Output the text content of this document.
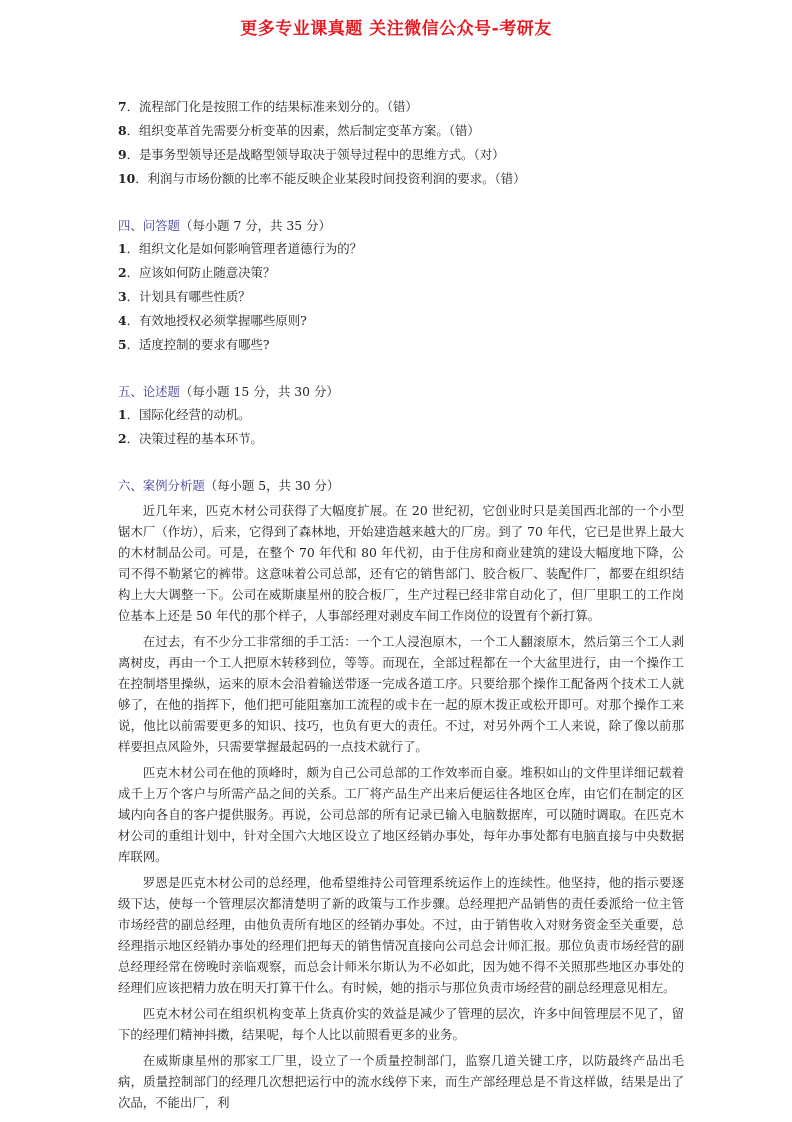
更多专业课真题 关注微信公众号-考研友
7．流程部门化是按照工作的结果标准来划分的。（错）
8．组织变革首先需要分析变革的因素，然后制定变革方案。（错）
9．是事务型领导还是战略型领导取决于领导过程中的思维方式。（对）
10．利润与市场份额的比率不能反映企业某段时间投资利润的要求。（错）
四、问答题（每小题 7 分，共 35 分）
1．组织文化是如何影响管理者道德行为的？
2．应该如何防止随意决策？
3．计划具有哪些性质？
4．有效地授权必须掌握哪些原则?
5．适度控制的要求有哪些?
五、论述题（每小题 15 分，共 30 分）
1．国际化经营的动机。
2．决策过程的基本环节。
六、案例分析题（每小题 5，共 30 分）

近几年来，匹克木材公司获得了大幅度扩展。在 20 世纪初，它创业时只是美国西北部的一个小型锯木厂（作坊），后来，它得到了森林地，开始建造越来越大的厂房。到了 70 年代，它已是世界上最大的木材制品公司。可是，在整个 70 年代和 80 年代初，由于住房和商业建筑的建设大幅度地下降，公司不得不勒紧它的裤带。这意味着公司总部，还有它的销售部门、胶合板厂、装配件厂，都要在组织结构上大大调整一下。公司在威斯康星州的胶合板厂，生产过程已经非常自动化了，但厂里职工的工作岗位基本上还是 50 年代的那个样子，人事部经理对剥皮车间工作岗位的设置有个新打算。

在过去，有不少分工非常细的手工活：一个工人浸泡原木，一个工人翻滚原木，然后第三个工人剥离树皮，再由一个工人把原木转移到位，等等。而现在，全部过程都在一个大盆里进行，由一个操作工在控制塔里操纵，运来的原木会沿着输送带逐一完成各道工序。只要给那个操作工配备两个技术工人就够了，在他的指挥下，他们把可能阻塞加工流程的或卡在一起的原木拨正或松开即可。对那个操作工来说，他比以前需要更多的知识、技巧，也负有更大的责任。不过，对另外两个工人来说，除了像以前那样要担点风险外，只需要掌握最起码的一点技术就行了。

匹克木材公司在他的顶峰时，颇为自己公司总部的工作效率而自豪。堆积如山的文件里详细记载着成千上万个客户与所需产品之间的关系。工厂将产品生产出来后便运往各地区仓库，由它们在制定的区域内向各自的客户提供服务。再说，公司总部的所有记录已输入电脑数据库，可以随时调取。在匹克木材公司的重组计划中，针对全国六大地区设立了地区经销办事处，每年办事处都有电脑直接与中央数据库联网。

罗恩是匹克木材公司的总经理，他希望维持公司管理系统运作上的连续性。他坚持，他的指示要逐级下达，使每一个管理层次都清楚明了新的政策与工作步骤。总经理把产品销售的责任委派给一位主管市场经营的副总经理，由他负责所有地区的经销办事处。不过，由于销售收入对财务资金至关重要，总经理指示地区经销办事处的经理们把每天的销售情况直接向公司总会计师汇报。那位负责市场经营的副总经理经常在傍晚时亲临观察，而总会计师米尔斯认为不必如此，因为她不得不关照那些地区办事处的经理们应该把精力放在明天打算干什么。有时候，她的指示与那位负责市场经营的副总经理意见相左。

匹克木材公司在组织机构变革上货真价实的效益是减少了管理的层次，许多中间管理层不见了，留下的经理们精神抖擞，结果呢，每个人比以前照看更多的业务。

在威斯康星州的那家工厂里，设立了一个质量控制部门，监察几道关键工序，以防最终产品出毛病，质量控制部门的经理几次想把运行中的流水线停下来，而生产部经理总是不肯这样做，结果是出了次品，不能出厂，利
